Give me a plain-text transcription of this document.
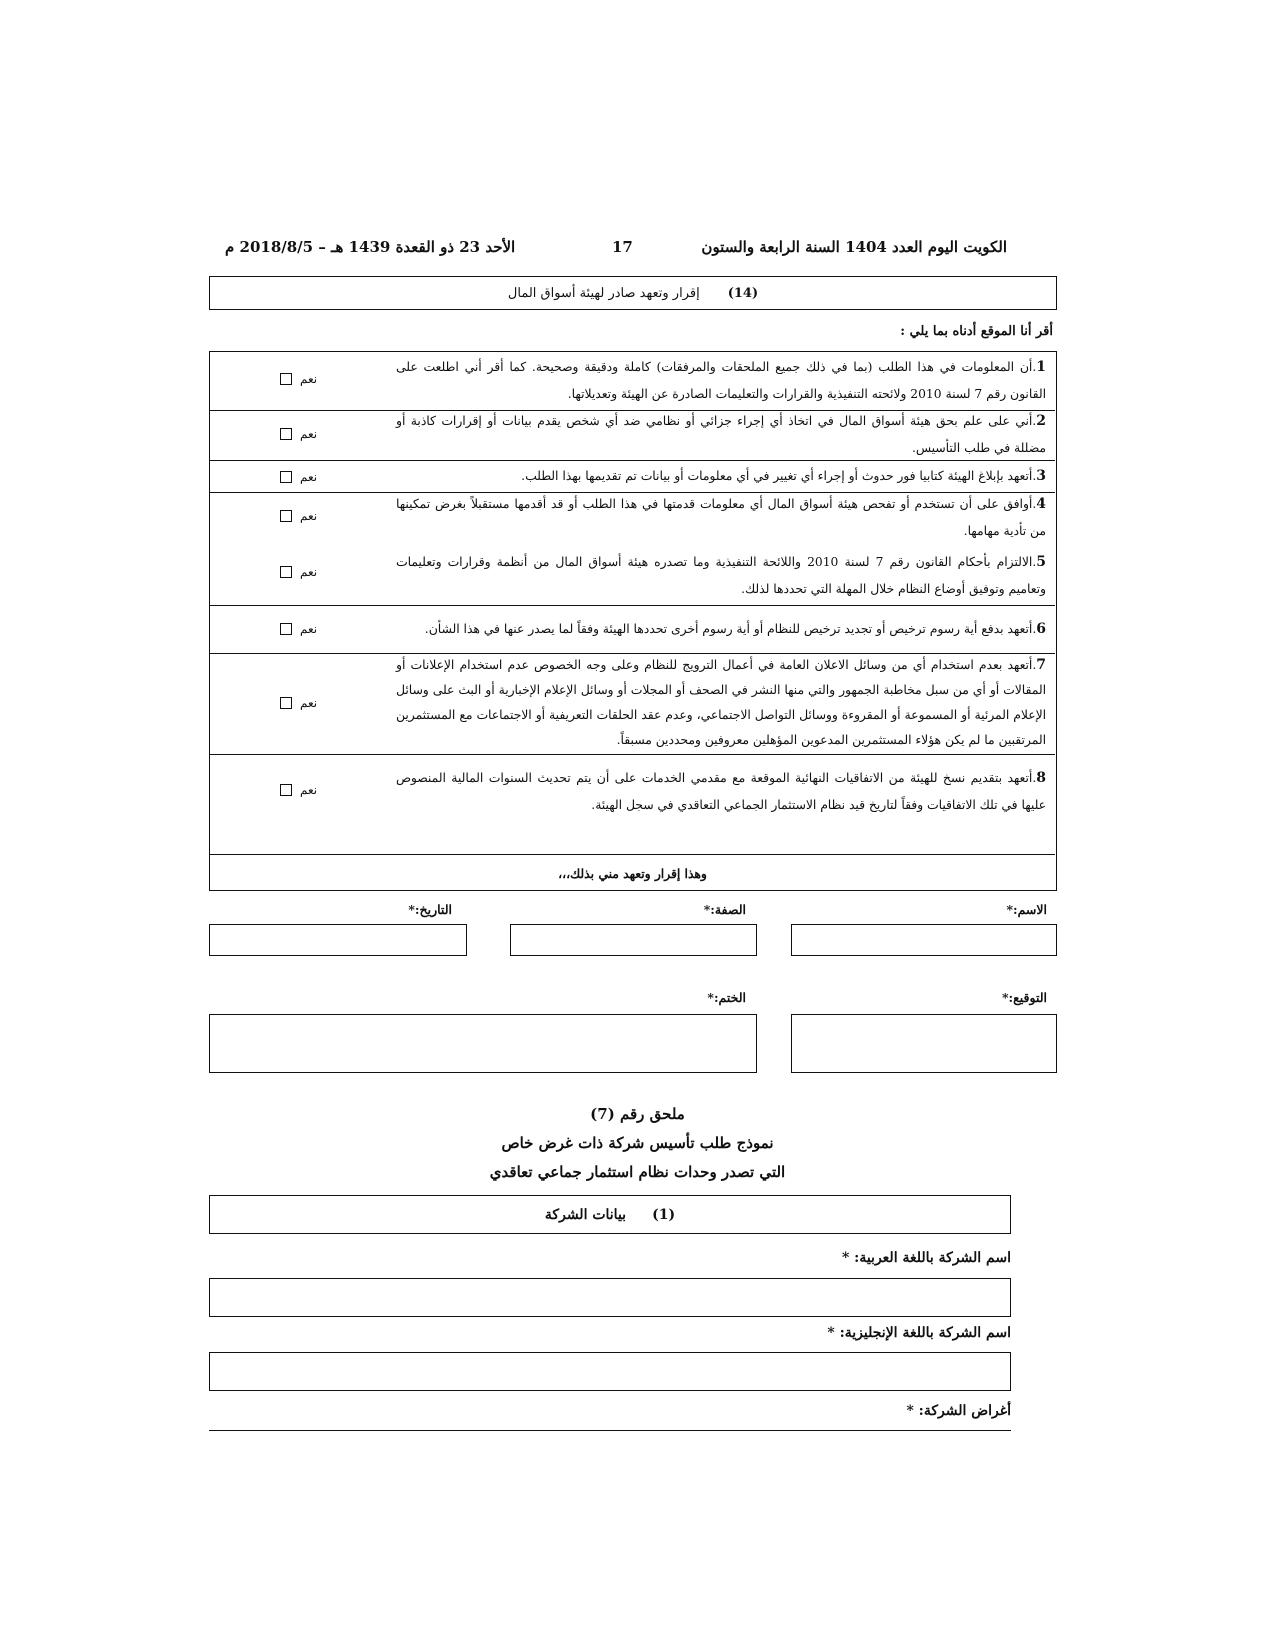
الأحد 23 ذو القعدة 1439 هـ – 2018/8/5 م	17	الكويت اليوم العدد 1404 السنة الرابعة والستون
(14)
إقرار وتعهد صادر لهيئة أسواق المال
أقر أنا الموقع أدناه بما يلي :
1.أن المعلومات في هذا الطلب (بما في ذلك جميع الملحقات والمرفقات) كاملة ودقيقة وصحيحة. كما أقر أني اطلعت على القانون رقم 7 لسنة 2010 ولائحته التنفيذية والقرارات والتعليمات الصادرة عن الهيئة وتعديلاتها.
نعم
2.أني على علم بحق هيئة أسواق المال في اتخاذ أي إجراء جزائي أو نظامي ضد أي شخص يقدم بيانات أو إقرارات كاذبة أو مضللة في طلب التأسيس.
نعم
3.أتعهد بإبلاغ الهيئة كتابيا فور حدوث أو إجراء أي تغيير في أي معلومات أو بيانات تم تقديمها بهذا الطلب.
نعم
4.أوافق على أن تستخدم أو تفحص هيئة أسواق المال أي معلومات قدمتها في هذا الطلب أو قد أقدمها مستقبلاً بغرض تمكينها من تأدية مهامها.
نعم
5.الالتزام بأحكام القانون رقم 7 لسنة 2010 واللائحة التنفيذية وما تصدره هيئة أسواق المال من أنظمة وقرارات وتعليمات وتعاميم وتوفيق أوضاع النظام خلال المهلة التي تحددها لذلك.
نعم
6.أتعهد بدفع أية رسوم ترخيص أو تجديد ترخيص للنظام أو أية رسوم أخرى تحددها الهيئة وفقاً لما يصدر عنها في هذا الشأن.
نعم
7.أتعهد بعدم استخدام أي من وسائل الاعلان العامة في أعمال الترويج للنظام وعلى وجه الخصوص عدم استخدام الإعلانات أو المقالات أو أي من سبل مخاطبة الجمهور والتي منها النشر في الصحف أو المجلات أو وسائل الإعلام الإخبارية أو البث على وسائل الإعلام المرئية أو المسموعة أو المقروءة ووسائل التواصل الاجتماعي، وعدم عقد الحلقات التعريفية أو الاجتماعات مع المستثمرين المرتقبين ما لم يكن هؤلاء المستثمرين المدعوين المؤهلين معروفين ومحددين مسبقاً.
نعم
8.أتعهد بتقديم نسخ للهيئة من الاتفاقيات النهائية الموقعة مع مقدمي الخدمات على أن يتم تحديث السنوات المالية المنصوص عليها في تلك الاتفاقيات وفقاً لتاريخ قيد نظام الاستثمار الجماعي التعاقدي في سجل الهيئة.
نعم
وهذا إقرار وتعهد مني بذلك،،،
الاسم:*
الصفة:*
التاريخ:*
التوقيع:*
الختم:*
ملحق رقم (7)
نموذج طلب تأسيس شركة ذات غرض خاص
التي تصدر وحدات نظام استثمار جماعي تعاقدي
(1)
بيانات الشركة
اسم الشركة باللغة العربية: *
اسم الشركة باللغة الإنجليزية: *
أغراض الشركة: *
